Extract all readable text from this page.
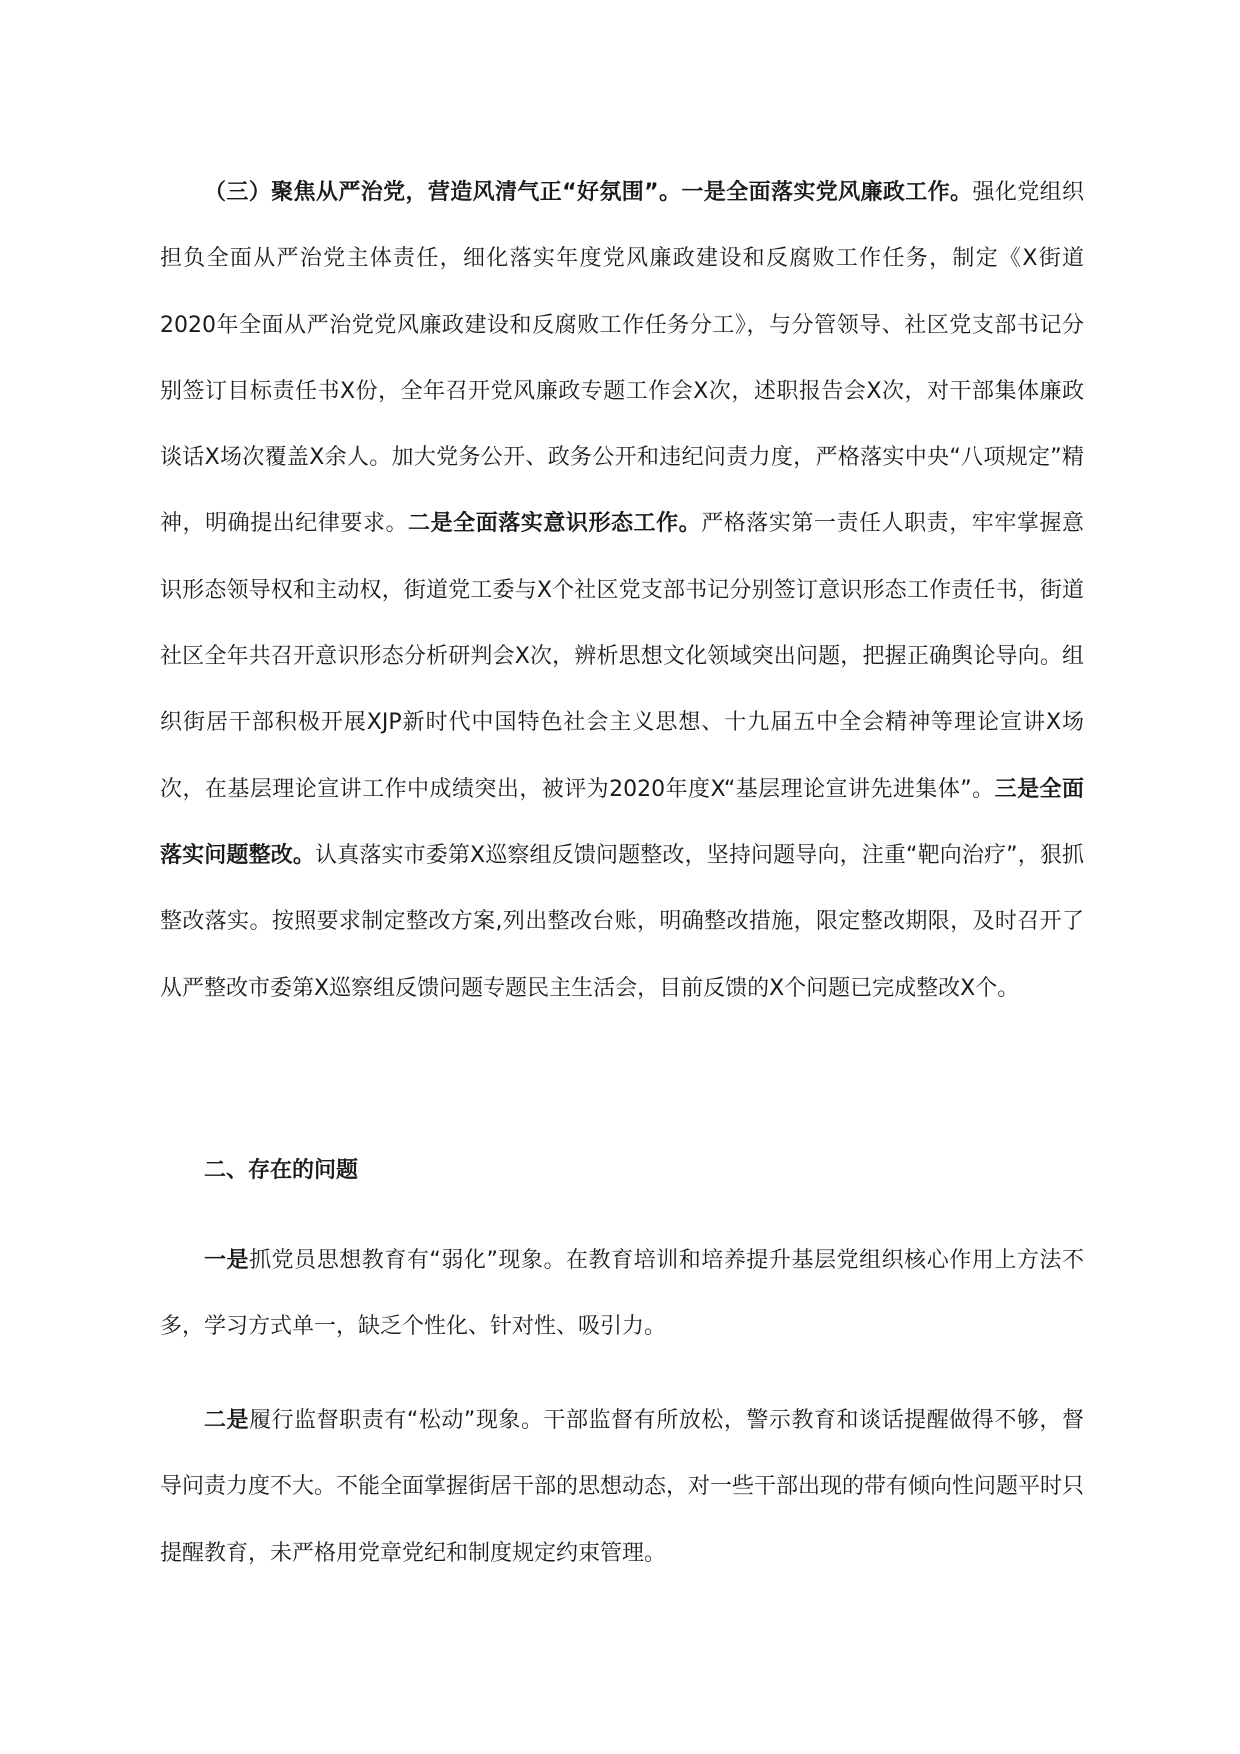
（三）聚焦从严治党，营造风清气正“好氛围”。一是全面落实党风廉政工作。强化党组织担负全面从严治党主体责任，细化落实年度党风廉政建设和反腐败工作任务，制定《X街道2020年全面从严治党党风廉政建设和反腐败工作任务分工》，与分管领导、社区党支部书记分别签订目标责任书X份，全年召开党风廉政专题工作会X次，述职报告会X次，对干部集体廉政谈话X场次覆盖X余人。加大党务公开、政务公开和违纪问责力度，严格落实中央“八项规定”精神，明确提出纪律要求。二是全面落实意识形态工作。严格落实第一责任人职责，牢牢掌握意识形态领导权和主动权，街道党工委与X个社区党支部书记分别签订意识形态工作责任书，街道社区全年共召开意识形态分析研判会X次，辨析思想文化领域突出问题，把握正确舆论导向。组织街居干部积极开展XJP新时代中国特色社会主义思想、十九届五中全会精神等理论宣讲X场次，在基层理论宣讲工作中成绩突出，被评为2020年度X“基层理论宣讲先进集体”。三是全面落实问题整改。认真落实市委第X巡察组反馈问题整改，坚持问题导向，注重“靶向治疗”，狠抓整改落实。按照要求制定整改方案,列出整改台账，明确整改措施，限定整改期限，及时召开了从严整改市委第X巡察组反馈问题专题民主生活会，目前反馈的X个问题已完成整改X个。

二、存在的问题

一是抓党员思想教育有“弱化”现象。在教育培训和培养提升基层党组织核心作用上方法不多，学习方式单一，缺乏个性化、针对性、吸引力。

二是履行监督职责有“松动”现象。干部监督有所放松，警示教育和谈话提醒做得不够，督导问责力度不大。不能全面掌握街居干部的思想动态，对一些干部出现的带有倾向性问题平时只提醒教育，未严格用党章党纪和制度规定约束管理。
